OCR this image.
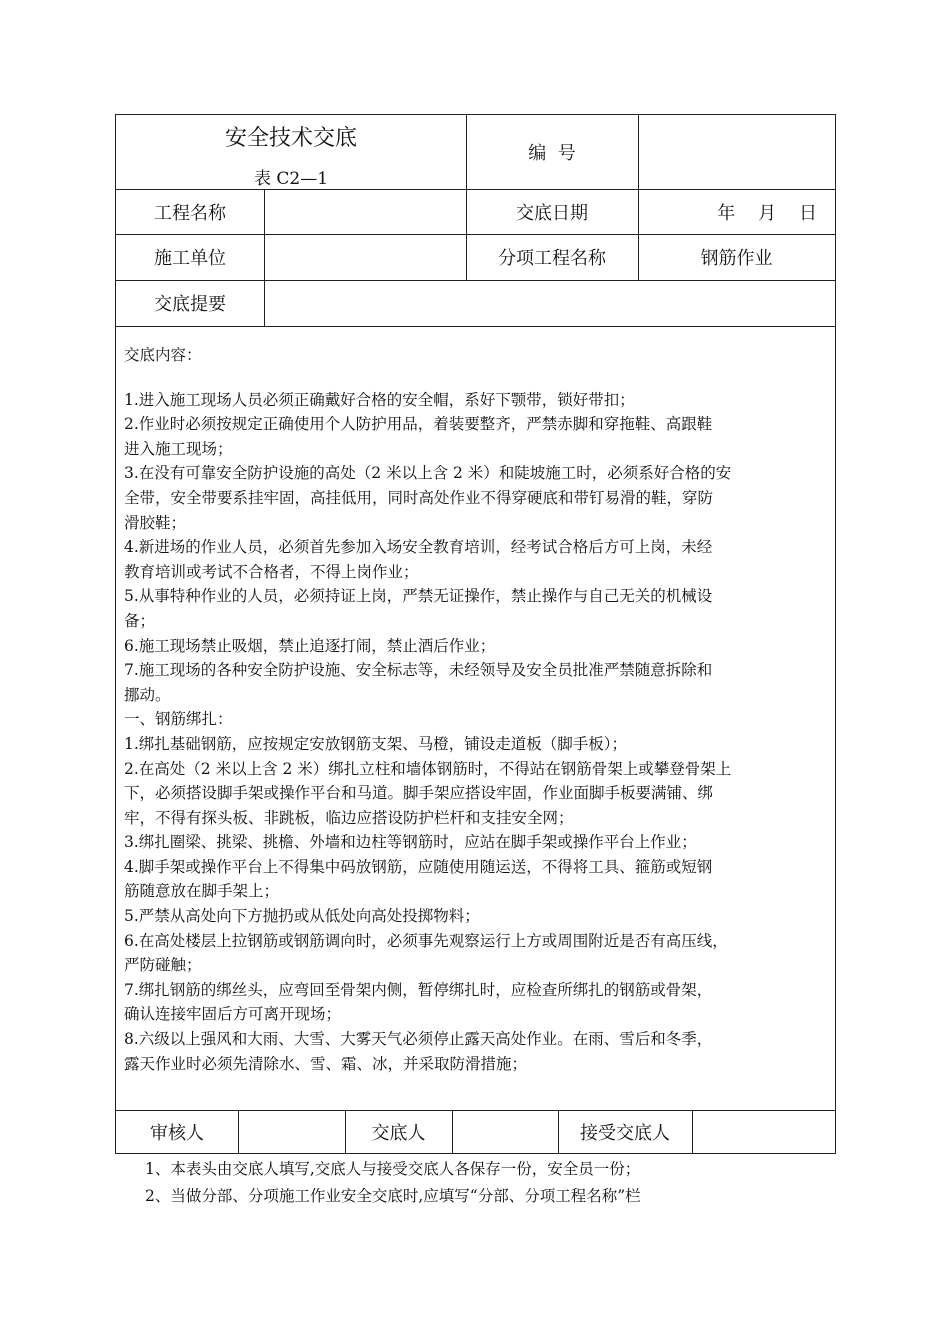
安全技术交底
表 C2—1
编  号
工程名称	交底日期	年    月    日
施工单位	分项工程名称	钢筋作业
交底提要

交底内容：

1.进入施工现场人员必须正确戴好合格的安全帽，系好下颚带，锁好带扣；

2.作业时必须按规定正确使用个人防护用品，着装要整齐，严禁赤脚和穿拖鞋、高跟鞋

进入施工现场；

3.在没有可靠安全防护设施的高处（2 米以上含 2 米）和陡坡施工时，必须系好合格的安

全带，安全带要系挂牢固，高挂低用，同时高处作业不得穿硬底和带钉易滑的鞋，穿防

滑胶鞋；

4.新进场的作业人员，必须首先参加入场安全教育培训，经考试合格后方可上岗，未经

教育培训或考试不合格者，不得上岗作业；

5.从事特种作业的人员，必须持证上岗，严禁无证操作，禁止操作与自己无关的机械设

备；

6.施工现场禁止吸烟，禁止追逐打闹，禁止酒后作业；

7.施工现场的各种安全防护设施、安全标志等，未经领导及安全员批准严禁随意拆除和

挪动。

一、钢筋绑扎：

1.绑扎基础钢筋，应按规定安放钢筋支架、马橙，铺设走道板（脚手板）；

2.在高处（2 米以上含 2 米）绑扎立柱和墙体钢筋时，不得站在钢筋骨架上或攀登骨架上

下，必须搭设脚手架或操作平台和马道。脚手架应搭设牢固，作业面脚手板要满铺、绑

牢，不得有探头板、非跳板，临边应搭设防护栏杆和支挂安全网；

3.绑扎圈梁、挑梁、挑檐、外墙和边柱等钢筋时，应站在脚手架或操作平台上作业；

4.脚手架或操作平台上不得集中码放钢筋，应随使用随运送，不得将工具、箍筋或短钢

筋随意放在脚手架上；

5.严禁从高处向下方抛扔或从低处向高处投掷物料；

6.在高处楼层上拉钢筋或钢筋调向时，必须事先观察运行上方或周围附近是否有高压线，

严防碰触；

7.绑扎钢筋的绑丝头，应弯回至骨架内侧，暂停绑扎时，应检查所绑扎的钢筋或骨架，

确认连接牢固后方可离开现场；

8.六级以上强风和大雨、大雪、大雾天气必须停止露天高处作业。在雨、雪后和冬季，

露天作业时必须先清除水、雪、霜、冰，并采取防滑措施；

审核人	交底人	接受交底人

1、本表头由交底人填写,交底人与接受交底人各保存一份，安全员一份；

2、当做分部、分项施工作业安全交底时,应填写“分部、分项工程名称”栏
